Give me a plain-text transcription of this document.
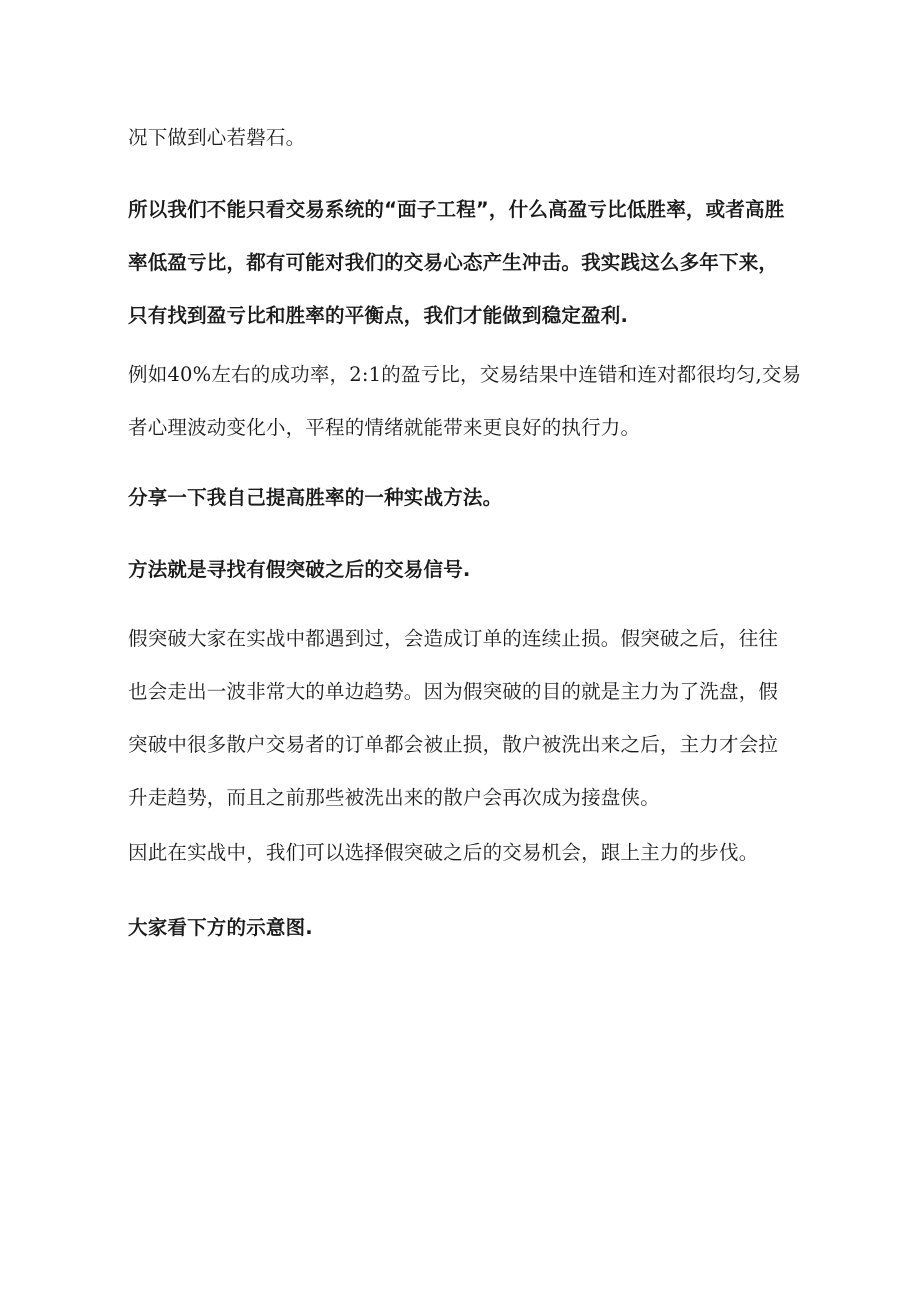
况下做到心若磐石。

所以我们不能只看交易系统的“面子工程”，什么高盈亏比低胜率，或者高胜
率低盈亏比，都有可能对我们的交易心态产生冲击。我实践这么多年下来，
只有找到盈亏比和胜率的平衡点，我们才能做到稳定盈利.

例如40%左右的成功率，2:1的盈亏比，交易结果中连错和连对都很均匀,交易
者心理波动变化小，平程的情绪就能带来更良好的执行力。

分享一下我自己提高胜率的一种实战方法。

方法就是寻找有假突破之后的交易信号.

假突破大家在实战中都遇到过，会造成订单的连续止损。假突破之后，往往
也会走出一波非常大的单边趋势。因为假突破的目的就是主力为了洗盘，假
突破中很多散户交易者的订单都会被止损，散户被洗出来之后，主力才会拉
升走趋势，而且之前那些被洗出来的散户会再次成为接盘侠。

因此在实战中，我们可以选择假突破之后的交易机会，跟上主力的步伐。

大家看下方的示意图.
